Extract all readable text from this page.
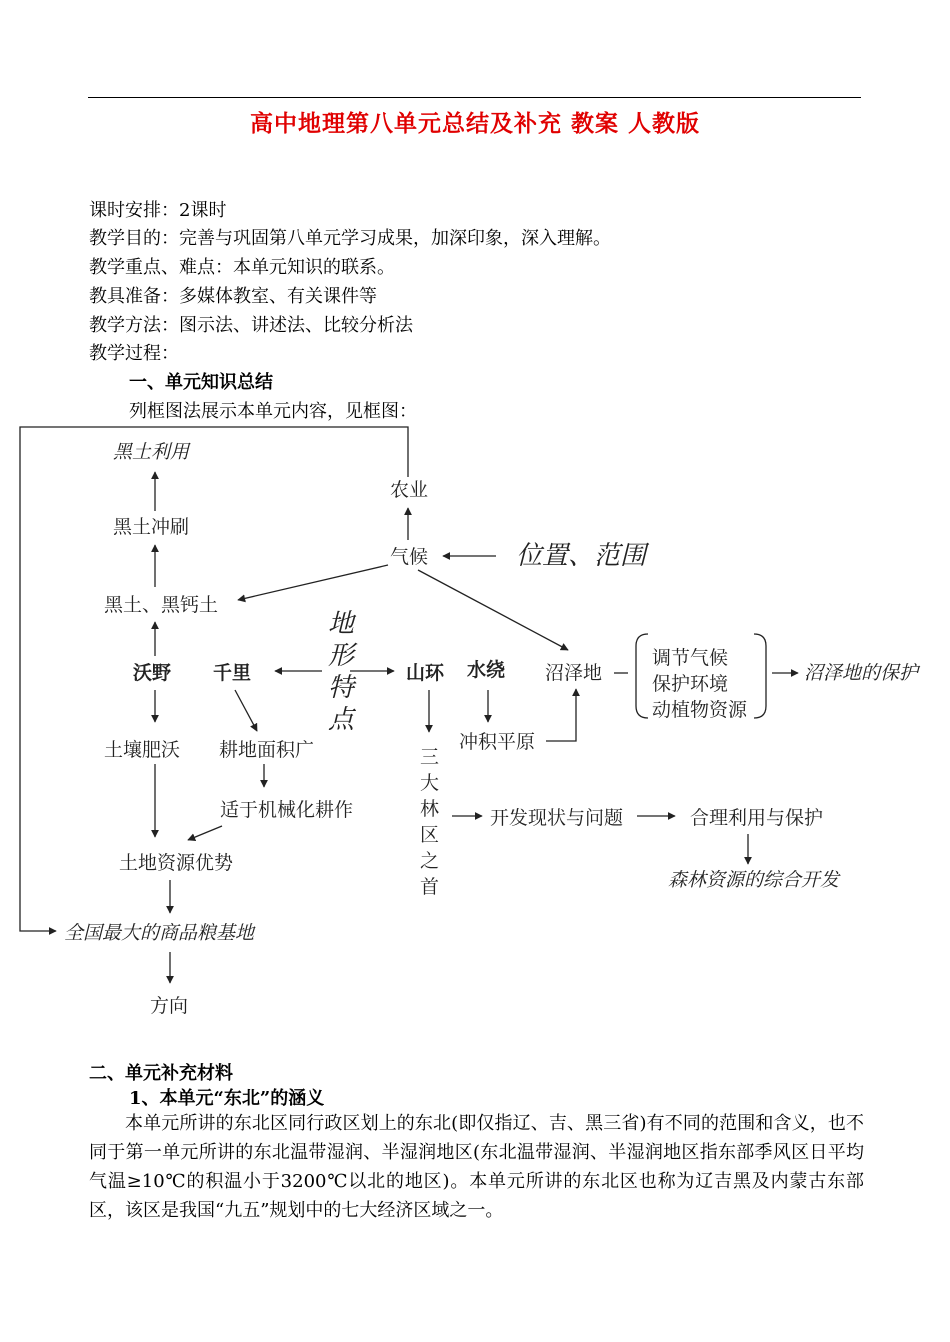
高中地理第八单元总结及补充 教案 人教版
课时安排：2课时
教学目的：完善与巩固第八单元学习成果，加深印象，深入理解。
教学重点、难点：本单元知识的联系。
教具准备：多媒体教室、有关课件等
教学方法：图示法、讲述法、比较分析法
教学过程：
一、单元知识总结
列框图法展示本单元内容，见框图：
黑土利用
农业
黑土冲刷
气候	位置、范围
黑土、黑钙土
地
形
特
点
沃野 千里	山环 水绕 沼泽地
调节气候
保护环境
动植物资源
沼泽地的保护
土壤肥沃 耕地面积广	冲积平原
三
大
林
区
之
首
适于机械化耕作	开发现状与问题	合理利用与保护
土地资源优势
森林资源的综合开发
全国最大的商品粮基地
方向
二、单元补充材料
1、本单元“东北”的涵义
本单元所讲的东北区同行政区划上的东北(即仅指辽、吉、黑三省)有不同的范围和含义，也不同于第一单元所讲的东北温带湿润、半湿润地区(东北温带湿润、半湿润地区指东部季风区日平均气温≥10℃的积温小于3200℃以北的地区)。本单元所讲的东北区也称为辽吉黑及内蒙古东部区，该区是我国“九五”规划中的七大经济区域之一。
